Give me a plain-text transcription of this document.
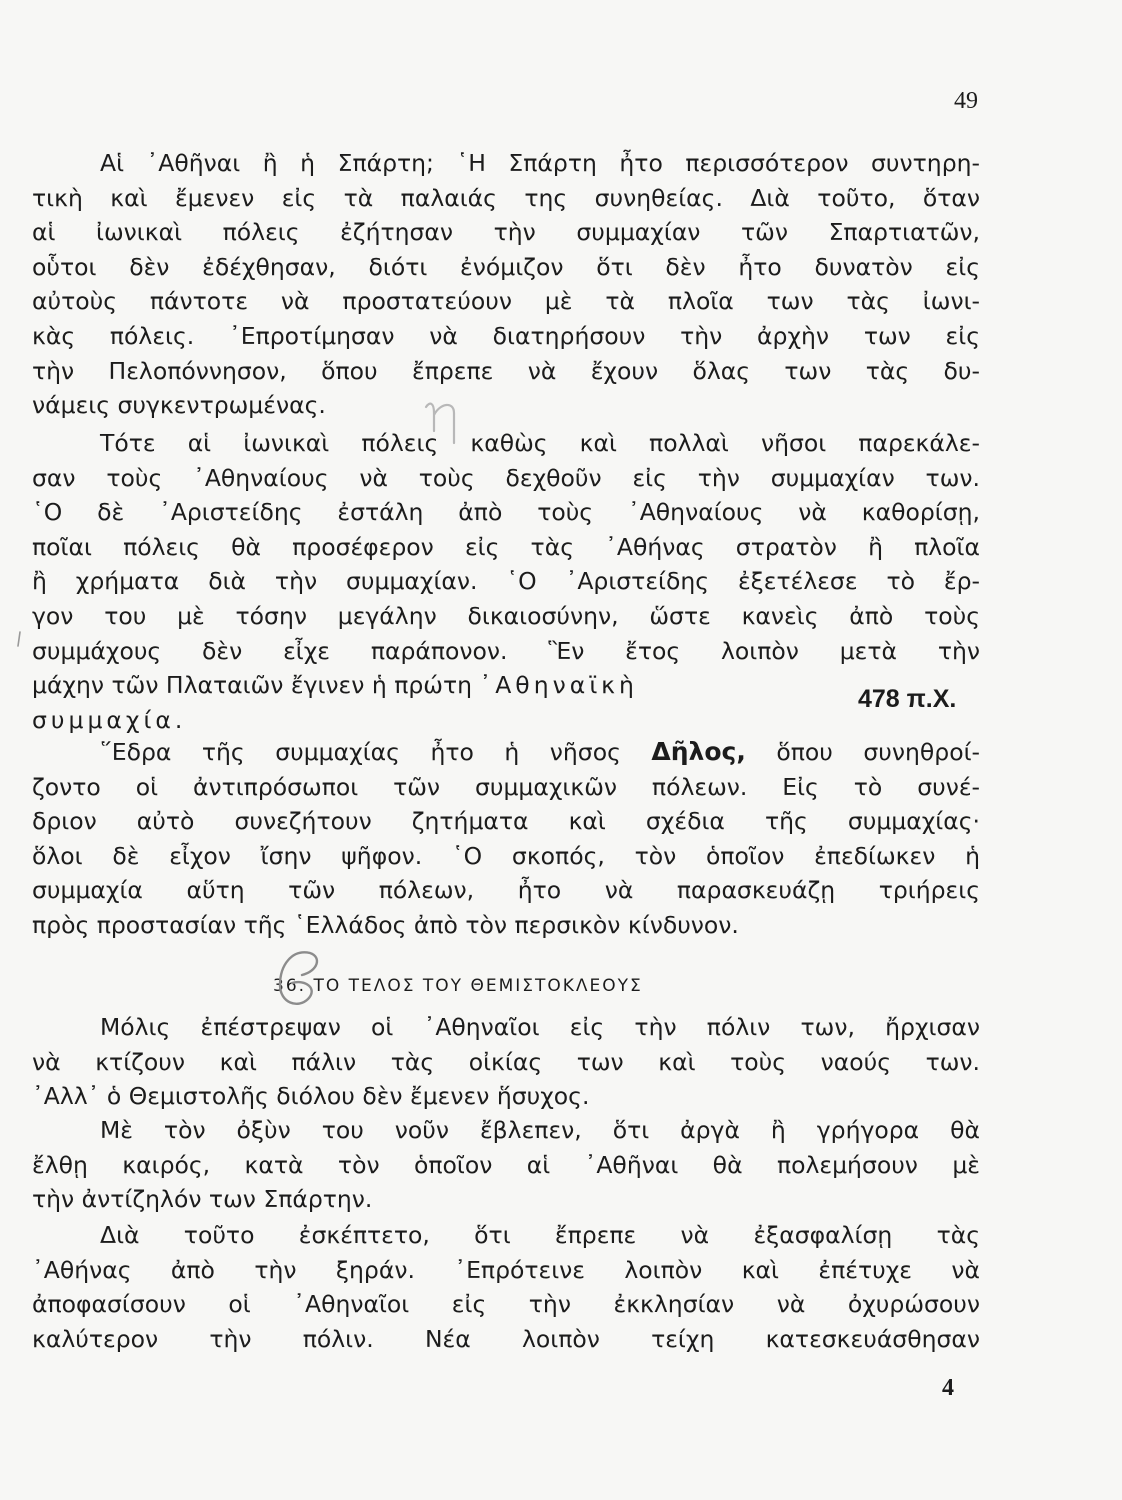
49
Αἱ ᾿Αθῆναι ἢ ἡ Σπάρτη; ῾Η Σπάρτη ἦτο περισσότερον συντηρη-
τικὴ καὶ ἔμενεν εἰς τὰ παλαιάς της συνηθείας. Διὰ τοῦτο, ὅταν
αἱ ἰωνικαὶ πόλεις ἐζήτησαν τὴν συμμαχίαν τῶν Σπαρτιατῶν,
οὗτοι δὲν ἐδέχθησαν, διότι ἐνόμιζον ὅτι δὲν ἦτο δυνατὸν εἰς
αὐτοὺς πάντοτε νὰ προστατεύουν μὲ τὰ πλοῖα των τὰς ἰωνι-
κὰς πόλεις. ᾿Επροτίμησαν νὰ διατηρήσουν τὴν ἀρχὴν των εἰς
τὴν Πελοπόννησον, ὅπου ἔπρεπε νὰ ἔχουν ὅλας των τὰς δυ-
νάμεις συγκεντρωμένας.
Τότε αἱ ἰωνικαὶ πόλεις καθὼς καὶ πολλαὶ νῆσοι παρεκάλε-
σαν τοὺς ᾿Αθηναίους νὰ τοὺς δεχθοῦν εἰς τὴν συμμαχίαν των.
῾Ο δὲ ᾿Αριστείδης ἐστάλη ἀπὸ τοὺς ᾿Αθηναίους νὰ καθορίσῃ,
ποῖαι πόλεις θὰ προσέφερον εἰς τὰς ᾿Αθήνας στρατὸν ἢ πλοῖα
ἢ χρήματα διὰ τὴν συμμαχίαν. ῾Ο ᾿Αριστείδης ἐξετέλεσε τὸ ἔρ-
γον του μὲ τόσην μεγάλην δικαιοσύνην, ὥστε κανεὶς ἀπὸ τοὺς
συμμάχους δὲν εἶχε παράπονον. Ἓν ἔτος λοιπὸν μετὰ τὴν
μάχην τῶν Πλαταιῶν ἔγινεν ἡ πρώτη ᾿Αθηναϊκὴ
συμμαχία.
478 π.Χ.
῞Εδρα τῆς συμμαχίας ἦτο ἡ νῆσος Δῆλος, ὅπου συνηθροί-
ζοντο οἱ ἀντιπρόσωποι τῶν συμμαχικῶν πόλεων. Εἰς τὸ συνέ-
δριον αὐτὸ συνεζήτουν ζητήματα καὶ σχέδια τῆς συμμαχίας·
ὅλοι δὲ εἶχον ἴσην ψῆφον. ῾Ο σκοπός, τὸν ὁποῖον ἐπεδίωκεν ἡ
συμμαχία αὕτη τῶν πόλεων, ἦτο νὰ παρασκευάζῃ τριήρεις
πρὸς προστασίαν τῆς ῾Ελλάδος ἀπὸ τὸν περσικὸν κίνδυνον.
36. ΤΟ ΤΕΛΟΣ ΤΟΥ ΘΕΜΙΣΤΟΚΛΕΟΥΣ
Μόλις ἐπέστρεψαν οἱ ᾿Αθηναῖοι εἰς τὴν πόλιν των, ἤρχισαν
νὰ κτίζουν καὶ πάλιν τὰς οἰκίας των καὶ τοὺς ναούς των.
᾿Αλλ᾿ ὁ Θεμιστολῆς διόλου δὲν ἔμενεν ἥσυχος.
Μὲ τὸν ὀξὺν του νοῦν ἔβλεπεν, ὅτι ἀργὰ ἢ γρήγορα θὰ
ἔλθῃ καιρός, κατὰ τὸν ὁποῖον αἱ ᾿Αθῆναι θὰ πολεμήσουν μὲ
τὴν ἀντίζηλόν των Σπάρτην.
Διὰ τοῦτο ἐσκέπτετο, ὅτι ἔπρεπε νὰ ἐξασφαλίσῃ τὰς
᾿Αθήνας ἀπὸ τὴν ξηράν. ᾿Επρότεινε λοιπὸν καὶ ἐπέτυχε νὰ
ἀποφασίσουν οἱ ᾿Αθηναῖοι εἰς τὴν ἐκκλησίαν νὰ ὀχυρώσουν
καλύτερον τὴν πόλιν. Νέα λοιπὸν τείχη κατεσκευάσθησαν
4
